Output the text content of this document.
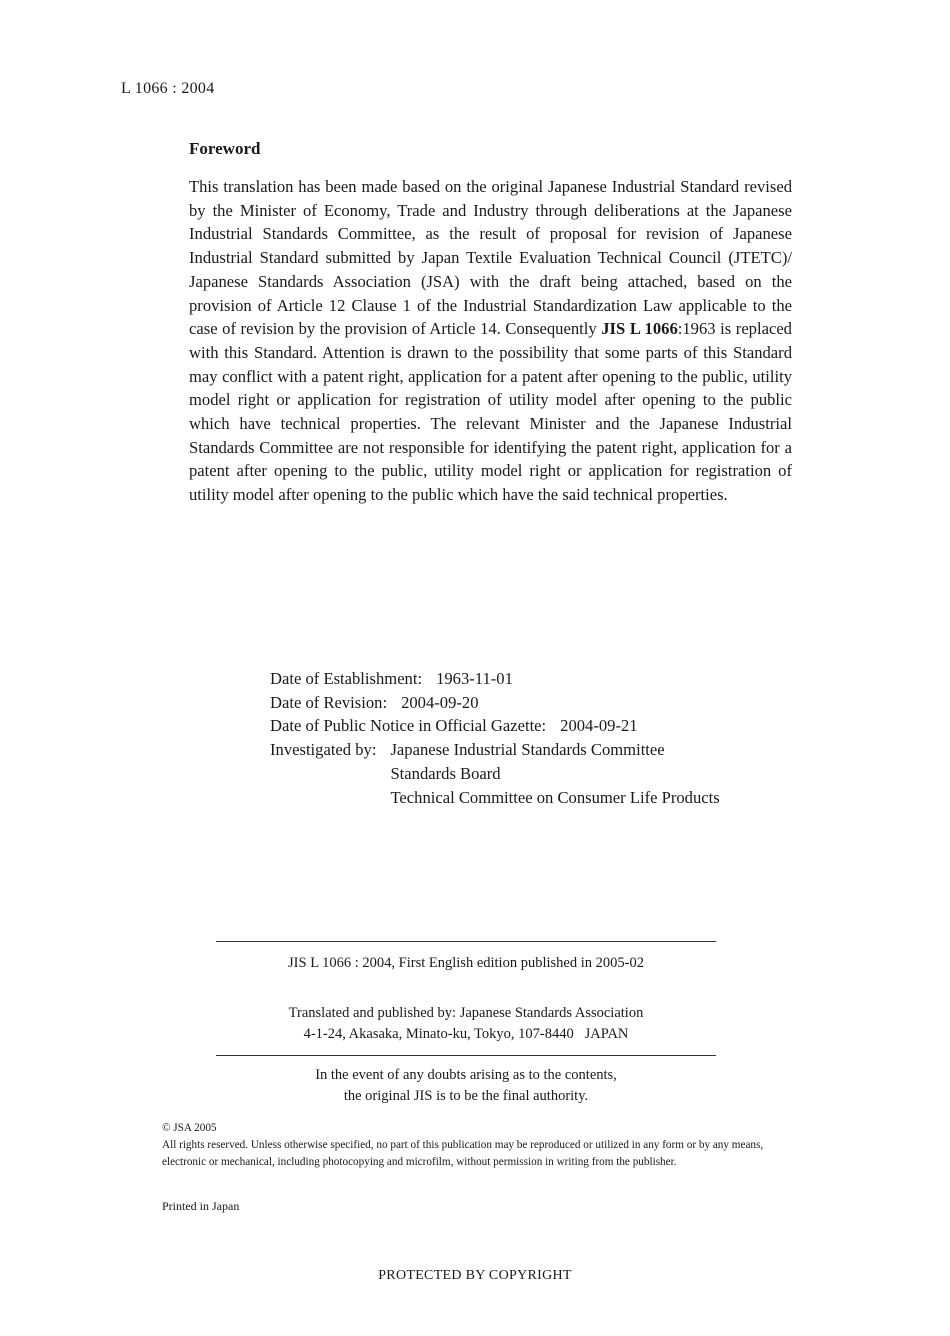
L 1066 : 2004
Foreword
This translation has been made based on the original Japanese Industrial Standard revised by the Minister of Economy, Trade and Industry through deliberations at the Japanese Industrial Standards Committee, as the result of proposal for revision of Japanese Industrial Standard submitted by Japan Textile Evaluation Technical Council (JTETC)/ Japanese Standards Association (JSA) with the draft being attached, based on the provision of Article 12 Clause 1 of the Industrial Standardization Law applicable to the case of revision by the provision of Article 14. Consequently JIS L 1066:1963 is replaced with this Standard. Attention is drawn to the possibility that some parts of this Standard may conflict with a patent right, application for a patent after opening to the public, utility model right or application for registration of utility model after opening to the public which have technical properties. The relevant Minister and the Japanese Industrial Standards Committee are not responsible for identifying the patent right, application for a patent after opening to the public, utility model right or application for registration of utility model after opening to the public which have the said technical properties.
Date of Establishment: 1963-11-01
Date of Revision: 2004-09-20
Date of Public Notice in Official Gazette: 2004-09-21
Investigated by: Japanese Industrial Standards Committee
Standards Board
Technical Committee on Consumer Life Products
JIS L 1066 : 2004, First English edition published in 2005-02
Translated and published by: Japanese Standards Association
4-1-24, Akasaka, Minato-ku, Tokyo, 107-8440   JAPAN
In the event of any doubts arising as to the contents,
the original JIS is to be the final authority.
© JSA 2005
All rights reserved. Unless otherwise specified, no part of this publication may be reproduced or utilized in any form or by any means, electronic or mechanical, including photocopying and microfilm, without permission in writing from the publisher.
Printed in Japan
PROTECTED BY COPYRIGHT
